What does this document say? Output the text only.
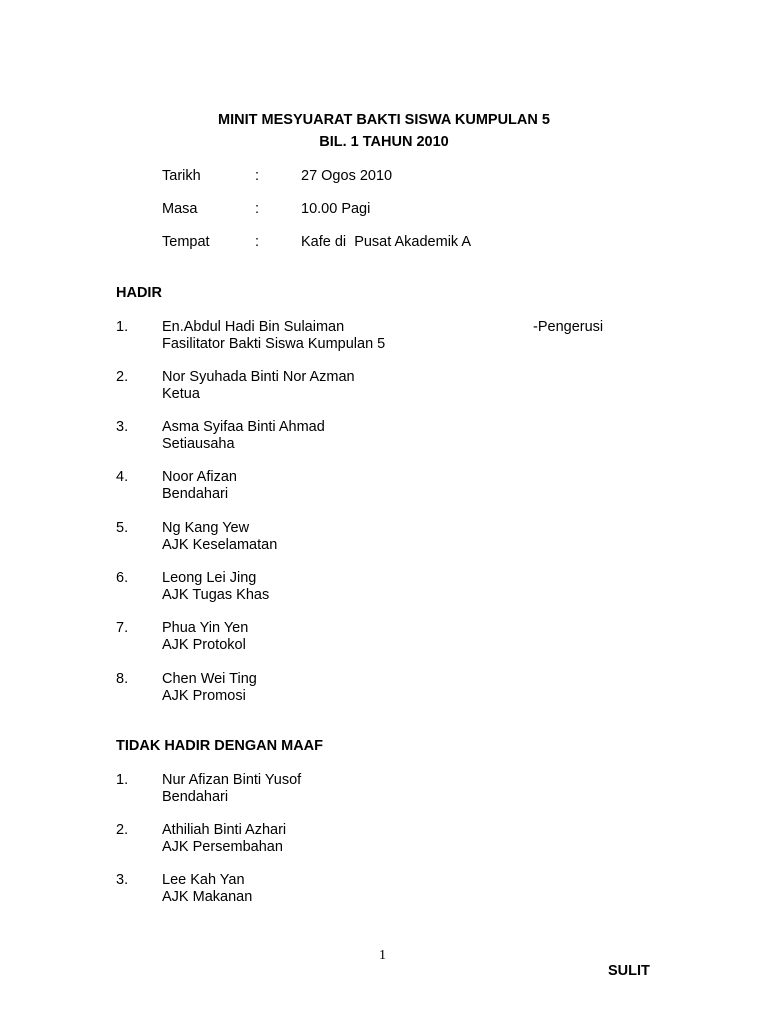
MINIT MESYUARAT BAKTI SISWA KUMPULAN 5
BIL. 1 TAHUN 2010
Tarikh	:	27 Ogos 2010
Masa	:	10.00 Pagi
Tempat	:	Kafe di  Pusat Akademik A
HADIR
1. En.Abdul Hadi Bin Sulaiman	-Pengerusi
Fasilitator Bakti Siswa Kumpulan 5
2. Nor Syuhada Binti Nor Azman
Ketua
3. Asma Syifaa Binti Ahmad
Setiausaha
4. Noor Afizan
Bendahari
5. Ng Kang Yew
AJK Keselamatan
6. Leong Lei Jing
AJK Tugas Khas
7. Phua Yin Yen
AJK Protokol
8. Chen Wei Ting
AJK Promosi
TIDAK HADIR DENGAN MAAF
1. Nur Afizan Binti Yusof
Bendahari
2. Athiliah Binti Azhari
AJK Persembahan
3. Lee Kah Yan
AJK Makanan
1
SULIT
